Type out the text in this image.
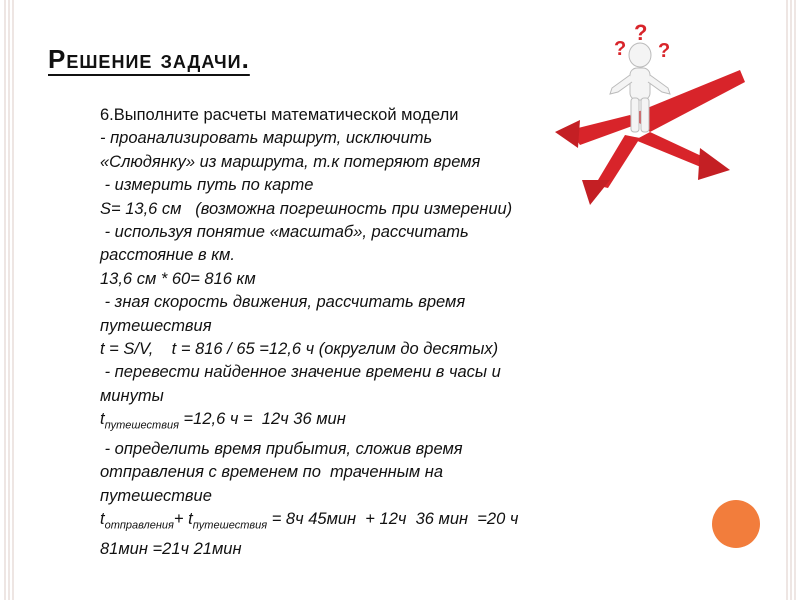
Решение задачи.	?
?
?
6.Выполните расчеты математической модели
- проанализировать маршрут, исключить
«Слюдянку» из маршрута, т.к потеряют время
- измерить путь по карте
S= 13,6 см   (возможна погрешность при измерении)
- используя понятие «масштаб», рассчитать
расстояние в км.
13,6 см * 60= 816 км
- зная скорость движения, рассчитать время
путешествия
t = S/V,    t = 816 / 65 =12,6 ч (округлим до десятых)
- перевести найденное значение времени в часы и
минуты
$t_{путешествия} =12,6$ ч =  12ч 36 мин
- определить время прибытия, сложив время
отправления с временем по  траченным на
путешествие
$t_{отправления}+ t_{путешествия} = 8ч$ 45мин  + 12ч  36 мин  =20 ч
81мин =21ч 21мин
